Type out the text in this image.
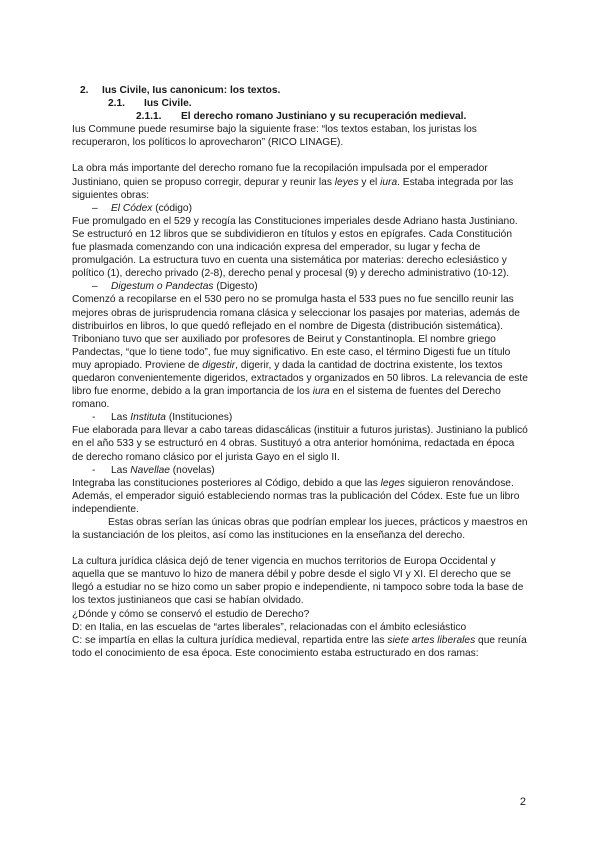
2. Ius Civile, Ius canonicum: los textos.

2.1. Ius Civile.

2.1.1. El derecho romano Justiniano y su recuperación medieval.

Ius Commune puede resumirse bajo la siguiente frase: “los textos estaban, los juristas los recuperaron, los políticos lo aprovecharon” (RICO LINAGE).

La obra más importante del derecho romano fue la recopilación impulsada por el emperador Justiniano, quien se propuso corregir, depurar y reunir las leyes y el iura. Estaba integrada por las siguientes obras:

– El Códex (código)

Fue promulgado en el 529 y recogía las Constituciones imperiales desde Adriano hasta Justiniano. Se estructuró en 12 libros que se subdividieron en títulos y estos en epígrafes. Cada Constitución fue plasmada comenzando con una indicación expresa del emperador, su lugar y fecha de promulgación. La estructura tuvo en cuenta una sistemática por materias: derecho eclesiástico y político (1), derecho privado (2-8), derecho penal y procesal (9) y derecho administrativo (10-12).

– Digestum o Pandectas (Digesto)

Comenzó a recopilarse en el 530 pero no se promulga hasta el 533 pues no fue sencillo reunir las mejores obras de jurisprudencia romana clásica y seleccionar los pasajes por materias, además de distribuirlos en libros, lo que quedó reflejado en el nombre de Digesta (distribución sistemática). Triboniano tuvo que ser auxiliado por profesores de Beirut y Constantinopla. El nombre griego Pandectas, “que lo tiene todo”, fue muy significativo. En este caso, el término Digesti fue un título muy apropiado. Proviene de digestir, digerir, y dada la cantidad de doctrina existente, los textos quedaron convenientemente digeridos, extractados y organizados en 50 libros. La relevancia de este libro fue enorme, debido a la gran importancia de los iura en el sistema de fuentes del Derecho romano.

- Las Instituta (Instituciones)

Fue elaborada para llevar a cabo tareas didascálicas (instituir a futuros juristas). Justiniano la publicó en el año 533 y se estructuró en 4 obras. Sustituyó a otra anterior homónima, redactada en época de derecho romano clásico por el jurista Gayo en el siglo II.

- Las Navellae (novelas)

Integraba las constituciones posteriores al Código, debido a que las leges siguieron renovándose. Además, el emperador siguió estableciendo normas tras la publicación del Códex. Este fue un libro independiente.

Estas obras serían las únicas obras que podrían emplear los jueces, prácticos y maestros en la sustanciación de los pleitos, así como las instituciones en la enseñanza del derecho.

La cultura jurídica clásica dejó de tener vigencia en muchos territorios de Europa Occidental y aquella que se mantuvo lo hizo de manera débil y pobre desde el siglo VI y XI. El derecho que se llegó a estudiar no se hizo como un saber propio e independiente, ni tampoco sobre toda la base de los textos justinianeos que casi se habían olvidado.

¿Dónde y cómo se conservó el estudio de Derecho?

D: en Italia, en las escuelas de “artes liberales”, relacionadas con el ámbito eclesiástico

C: se impartía en ellas la cultura jurídica medieval, repartida entre las siete artes liberales que reunía todo el conocimiento de esa época. Este conocimiento estaba estructurado en dos ramas:

2
